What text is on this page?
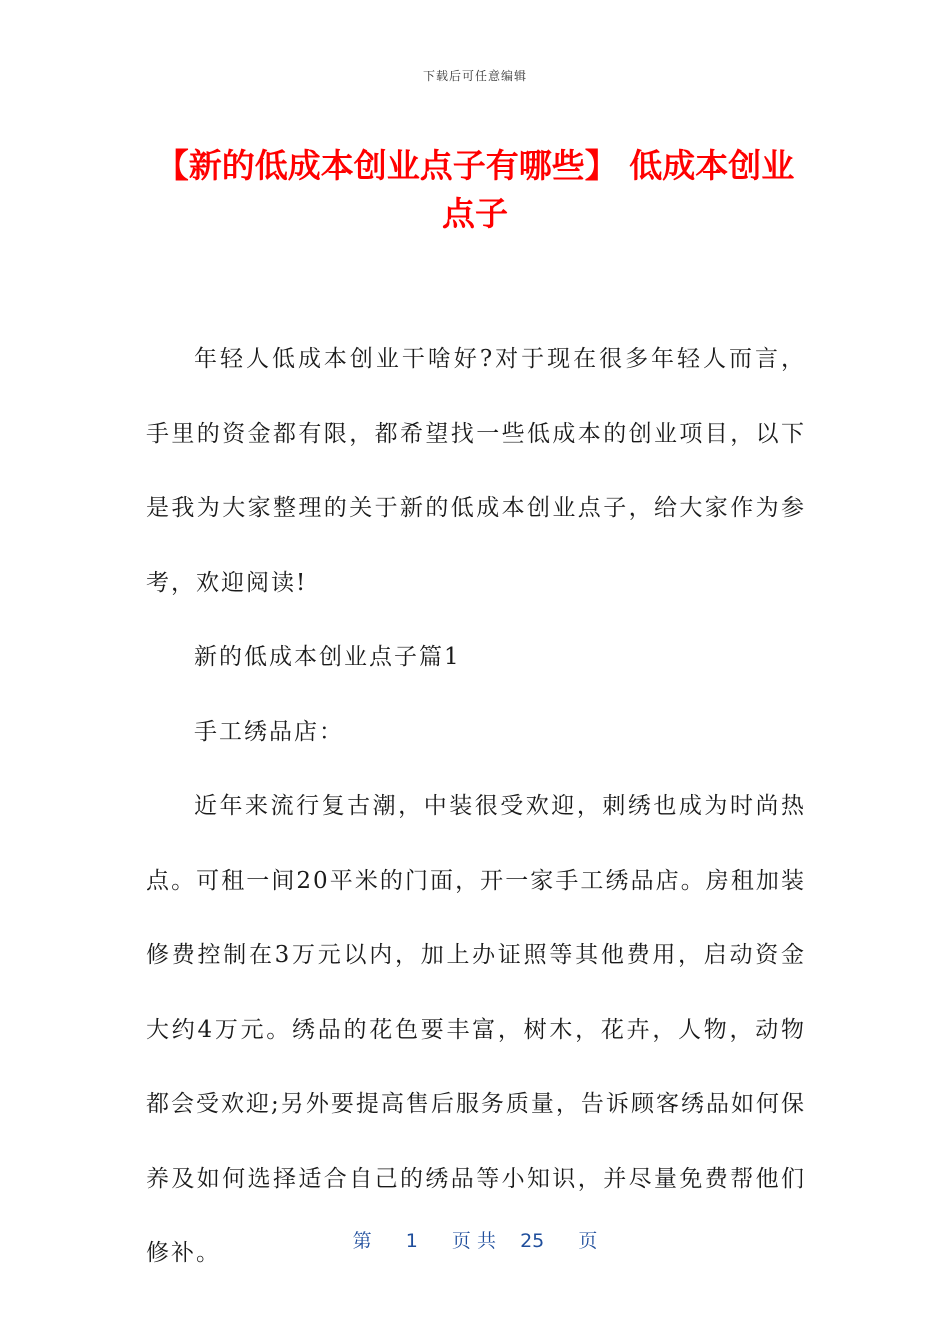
下载后可任意编辑
【新的低成本创业点子有哪些】 低成本创业点子

年轻人低成本创业干啥好?对于现在很多年轻人而言，手里的资金都有限，都希望找一些低成本的创业项目，以下是我为大家整理的关于新的低成本创业点子，给大家作为参考，欢迎阅读!

新的低成本创业点子篇1

手工绣品店：

近年来流行复古潮，中装很受欢迎，刺绣也成为时尚热点。可租一间20平米的门面，开一家手工绣品店。房租加装修费控制在3万元以内，加上办证照等其他费用，启动资金大约4万元。绣品的花色要丰富，树木，花卉，人物，动物都会受欢迎;另外要提高售后服务质量，告诉顾客绣品如何保养及如何选择适合自己的绣品等小知识，并尽量免费帮他们修补。	第 1 页 共 25 页
